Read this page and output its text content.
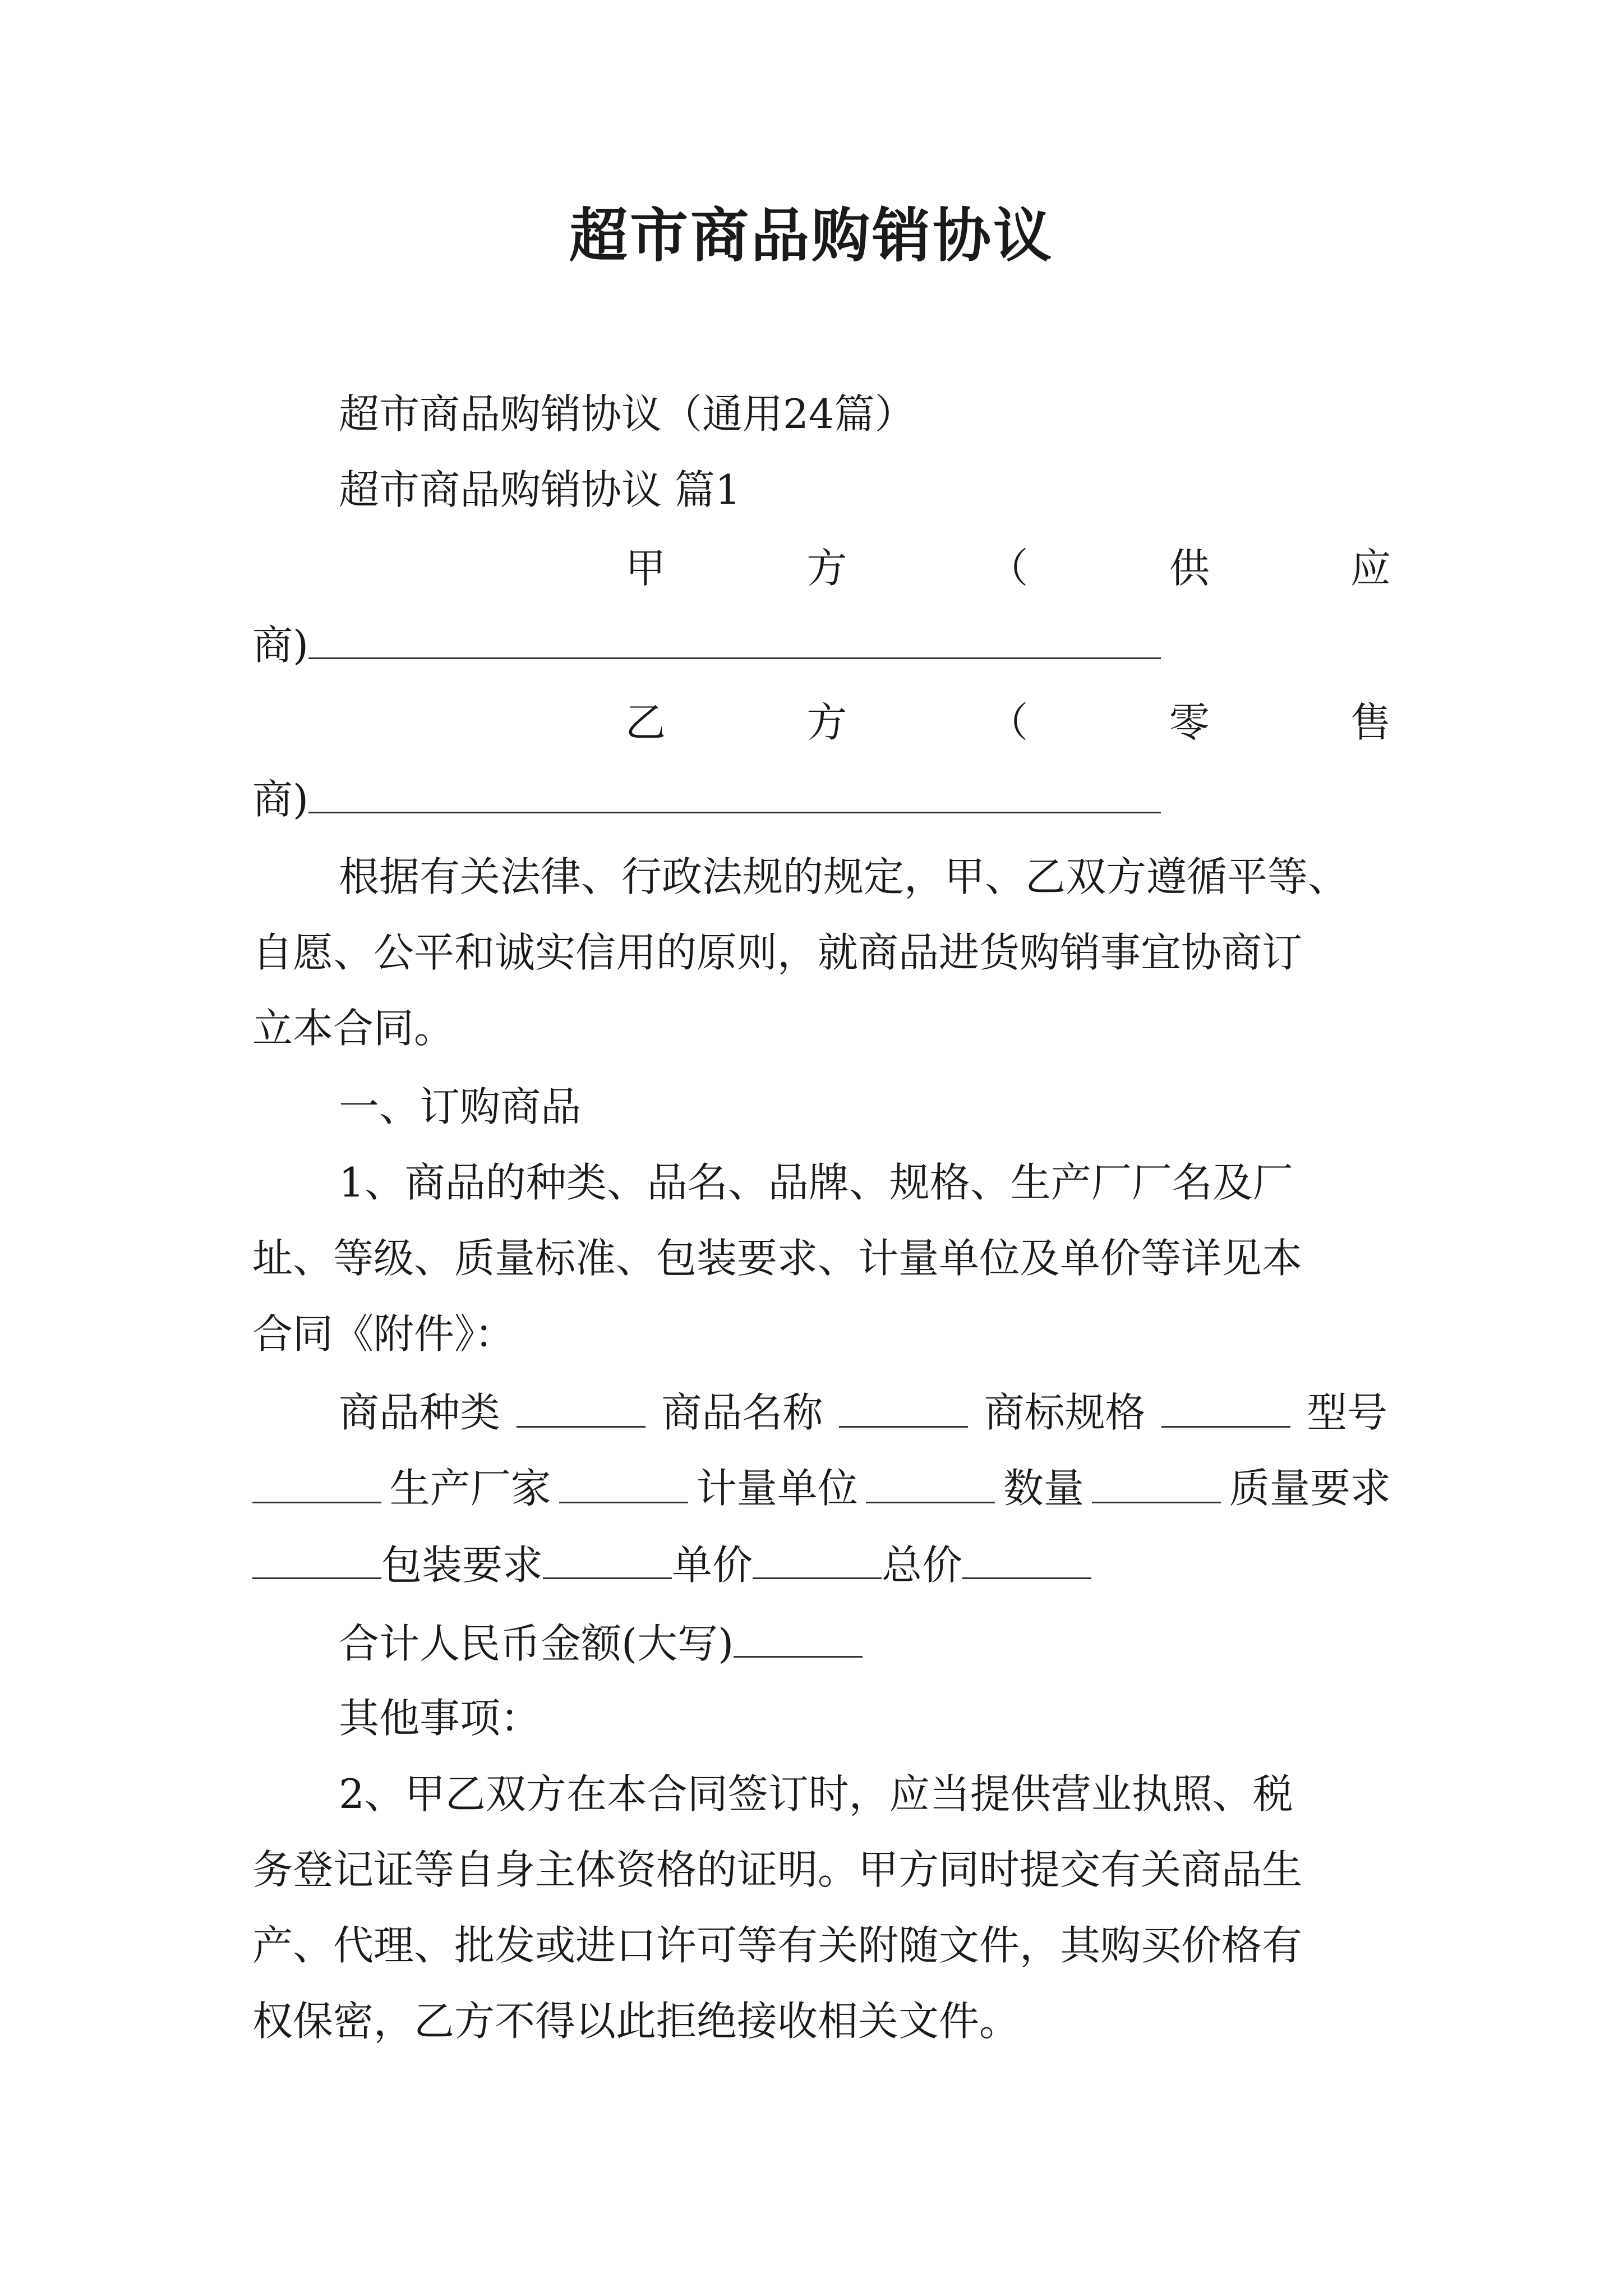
超市商品购销协议
超市商品购销协议（通用24篇）
超市商品购销协议 篇1
甲	方	（	供	应
商)
乙	方	（	零	售
商)
根据有关法律、行政法规的规定，甲、乙双方遵循平等、
自愿、公平和诚实信用的原则，就商品进货购销事宜协商订
立本合同。
一、订购商品
1、商品的种类、品名、品牌、规格、生产厂厂名及厂
址、等级、质量标准、包装要求、计量单位及单价等详见本
合同《附件》：
商品种类	商品名称	商标规格	型号
生产厂家	计量单位	数量	质量要求
包装要求	单价	总价
合计人民币金额(大写)
其他事项：
2、甲乙双方在本合同签订时，应当提供营业执照、税
务登记证等自身主体资格的证明。甲方同时提交有关商品生
产、代理、批发或进口许可等有关附随文件，其购买价格有
权保密，乙方不得以此拒绝接收相关文件。
